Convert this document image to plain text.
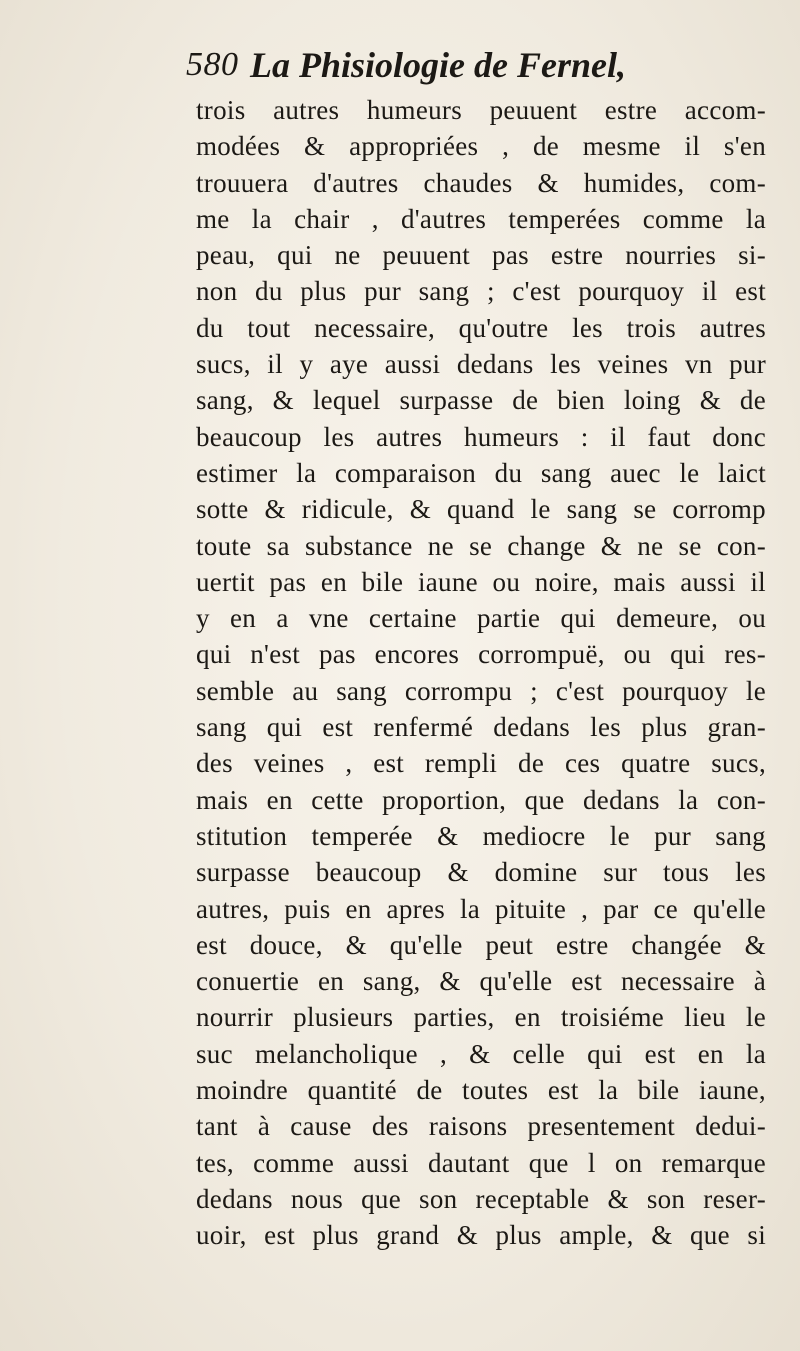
580 La Phisiologie de Fernel,
trois autres humeurs peuuent estre accom-
modées & appropriées , de mesme il s'en
trouuera d'autres chaudes & humides, com-
me la chair , d'autres temperées comme la
peau, qui ne peuuent pas estre nourries si-
non du plus pur sang ; c'est pourquoy il est
du tout necessaire, qu'outre les trois autres
sucs, il y aye aussi dedans les veines vn pur
sang, & lequel surpasse de bien loing & de
beaucoup les autres humeurs : il faut donc
estimer la comparaison du sang auec le laict
sotte & ridicule, & quand le sang se corromp
toute sa substance ne se change & ne se con-
uertit pas en bile iaune ou noire, mais aussi il
y en a vne certaine partie qui demeure, ou
qui n'est pas encores corrompuë, ou qui res-
semble au sang corrompu ; c'est pourquoy le
sang qui est renfermé dedans les plus gran-
des veines , est rempli de ces quatre sucs,
mais en cette proportion, que dedans la con-
stitution temperée & mediocre le pur sang
surpasse beaucoup & domine sur tous les
autres, puis en apres la pituite , par ce qu'elle
est douce, & qu'elle peut estre changée &
conuertie en sang, & qu'elle est necessaire à
nourrir plusieurs parties, en troisiéme lieu le
suc melancholique , & celle qui est en la
moindre quantité de toutes est la bile iaune,
tant à cause des raisons presentement dedui-
tes, comme aussi dautant que l on remarque
dedans nous que son receptable & son reser-
uoir, est plus grand & plus ample, & que si
